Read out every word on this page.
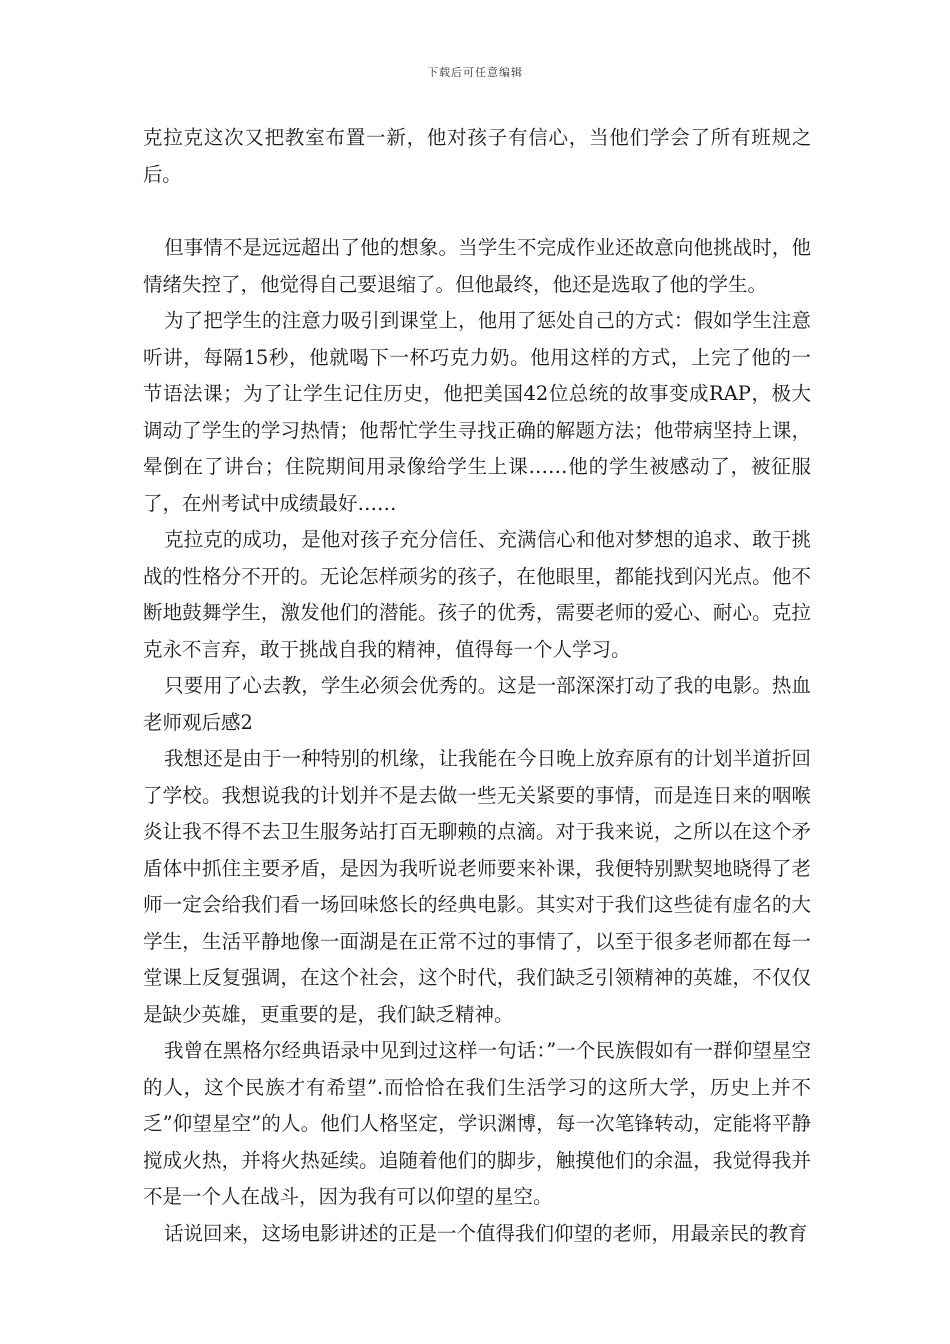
下载后可任意编辑

克拉克这次又把教室布置一新，他对孩子有信心，当他们学会了所有班规之后。

但事情不是远远超出了他的想象。当学生不完成作业还故意向他挑战时，他情绪失控了，他觉得自己要退缩了。但他最终，他还是选取了他的学生。

为了把学生的注意力吸引到课堂上，他用了惩处自己的方式：假如学生注意听讲，每隔15秒，他就喝下一杯巧克力奶。他用这样的方式，上完了他的一节语法课；为了让学生记住历史，他把美国42位总统的故事变成RAP，极大调动了学生的学习热情；他帮忙学生寻找正确的解题方法；他带病坚持上课，晕倒在了讲台；住院期间用录像给学生上课……他的学生被感动了，被征服了，在州考试中成绩最好……

克拉克的成功，是他对孩子充分信任、充满信心和他对梦想的追求、敢于挑战的性格分不开的。无论怎样顽劣的孩子，在他眼里，都能找到闪光点。他不断地鼓舞学生，激发他们的潜能。孩子的优秀，需要老师的爱心、耐心。克拉克永不言弃，敢于挑战自我的精神，值得每一个人学习。

只要用了心去教，学生必须会优秀的。这是一部深深打动了我的电影。热血老师观后感2

我想还是由于一种特别的机缘，让我能在今日晚上放弃原有的计划半道折回了学校。我想说我的计划并不是去做一些无关紧要的事情，而是连日来的咽喉炎让我不得不去卫生服务站打百无聊赖的点滴。对于我来说，之所以在这个矛盾体中抓住主要矛盾，是因为我听说老师要来补课，我便特别默契地晓得了老师一定会给我们看一场回味悠长的经典电影。其实对于我们这些徒有虚名的大学生，生活平静地像一面湖是在正常不过的事情了，以至于很多老师都在每一堂课上反复强调，在这个社会，这个时代，我们缺乏引领精神的英雄，不仅仅是缺少英雄，更重要的是，我们缺乏精神。

我曾在黑格尔经典语录中见到过这样一句话：”一个民族假如有一群仰望星空的人，这个民族才有希望”.而恰恰在我们生活学习的这所大学，历史上并不乏”仰望星空”的人。他们人格坚定，学识渊博，每一次笔锋转动，定能将平静搅成火热，并将火热延续。追随着他们的脚步，触摸他们的余温，我觉得我并不是一个人在战斗，因为我有可以仰望的星空。

话说回来，这场电影讲述的正是一个值得我们仰望的老师，用最亲民的教育
